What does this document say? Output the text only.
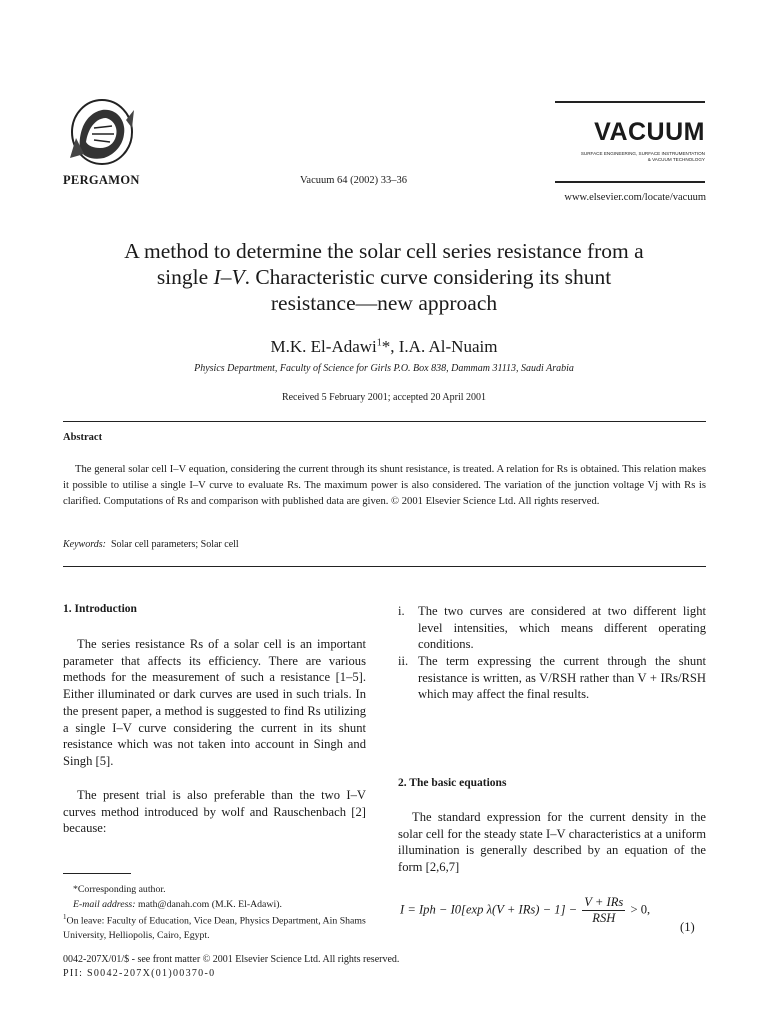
PERGAMON	Vacuum 64 (2002) 33–36
VACUUM
SURFACE ENGINEERING, SURFACE INSTRUMENTATION
& VACUUM TECHNOLOGY
www.elsevier.com/locate/vacuum
A method to determine the solar cell series resistance from a
single I–V. Characteristic curve considering its shunt
resistance—new approach
M.K. El-Adawi$^1$*, I.A. Al-Nuaim
Physics Department, Faculty of Science for Girls P.O. Box 838, Dammam 31113, Saudi Arabia
Received 5 February 2001; accepted 20 April 2001
Abstract
The general solar cell I–V equation, considering the current through its shunt resistance, is treated. A relation for Rs is obtained. This relation makes it possible to utilise a single I–V curve to evaluate Rs. The maximum power is also considered. The variation of the junction voltage Vj with Rs is clarified. Computations of Rs and comparison with published data are given. © 2001 Elsevier Science Ltd. All rights reserved.
Keywords: Solar cell parameters; Solar cell
1. Introduction
The series resistance Rs of a solar cell is an important parameter that affects its efficiency. There are various methods for the measurement of such a resistance [1–5]. Either illuminated or dark curves are used in such trials. In the present paper, a method is suggested to find Rs utilizing a single I–V curve considering the current in its shunt resistance which was not taken into account in Singh and Singh [5].
The present trial is also preferable than the two I–V curves method introduced by wolf and Rauschenbach [2] because:
i. The two curves are considered at two different light level intensities, which means different operating conditions.
ii. The term expressing the current through the shunt resistance is written, as V/RSH rather than V + IRs/RSH which may affect the final results.
2. The basic equations
The standard expression for the current density in the solar cell for the steady state I–V characteristics at a uniform illumination is generally described by an equation of the form [2,6,7]
I = Iph − I0[exp $\lambda(V + IRs) - 1] - \frac{\text{V + IRs}}{\text{RSH}} > 0$,
(1)
*Corresponding author.
E-mail address: math@danah.com (M.K. El-Adawi).
$^1$On leave: Faculty of Education, Vice Dean, Physics Department, Ain Shams University, Helliopolis, Cairo, Egypt.
0042-207X/01/$ - see front matter © 2001 Elsevier Science Ltd. All rights reserved.
PII: S0042-207X(01)00370-0
